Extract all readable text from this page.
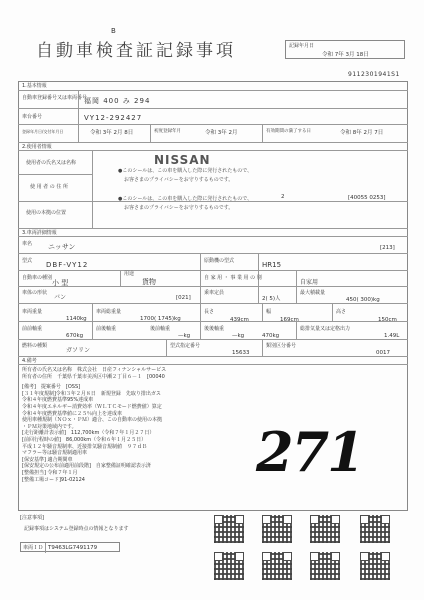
B
自動車検査証記録事項	記録年月日
令和 7年 3月 18日
9112301941S1
1.基本情報
自動車登録番号又は車両番号
福岡 400 み 294
車台番号	VY12-292427
登録年月日/交付年月日	令和 3年 2月 8日	初度登録年月	令和 3年 2月	有効期間の満了する日	令和 8年 2月 7日
2.使用者情報
使用者の氏名又は名称
使 用 者 の 住 所
使用の本拠の位置
NISSAN
●このシールは、この車を購入した際に発行されたもので、
お客さまのプライバシーをお守りするものです。
●このシールは、この車を購入した際に発行されたもので、
お客さまのプライバシーをお守りするものです。
2	[40055 0253]
3.車両詳細情報
車名 ニッサン	[213]
型式 DBF-VY12	原動機の型式	HR15
自動車の種別
小 型
用途
貨物	自 家 用 ・ 事 業 用 の 別
自家用
車体の形状
バン	[021]
乗車定員
2( 5)人
最大積載量
450( 300)kg
車両重量
1140kg
車両総重量
1700( 1745)kg
長さ
439cm
幅
169cm
高さ
150cm
前前軸重
670kg
前後軸重
—kg
後前軸重
—kg
後後軸重
470kg
総排気量又は定格出力
1.49L
燃料の種類
ガソリン
型式指定番号
15633
類別区分番号
0017
4.備考
所有者の氏名又は名称　株式会社　日産フィナンシャルサービス
所有者の住所　千葉県千葉市美浜区中瀬２丁目６－１　[00040
[備考]　提案番号　[OSS]
[３１年度規制]令和３年２月８日　新規登録　先取り排出ガス
令和４年度燃費基準95%達成車
令和４年度エネルギー消費効率（ＷＬＴＣモード燃費値）算定
令和４年度燃費基準値に２５％向上を達成車
使用車種規制（ＮＯｘ・ＰＭ）適合、この自動車の使用の本拠
・ＰＭ対策地域内です。
[走行距離計表示値]　112,700km（令和７年１月２７日）
[前回行程時の値]　86,000km（令和６年１月２５日）
平成１２年騒音規制車、近接排気騒音規制値　９７ｄＢ
マフラー等は騒音規制適用車
[保安基準] 適合期間車
[保安規定の公布前適用前段階]　自家整備証明確認表示済
[整備担当] 令和７年１月
[整備工場コード]91-02124	271
[注意事項]
記録事項はシステム登録時点の情報となります
車両ＩＤ T9463LG7491179
